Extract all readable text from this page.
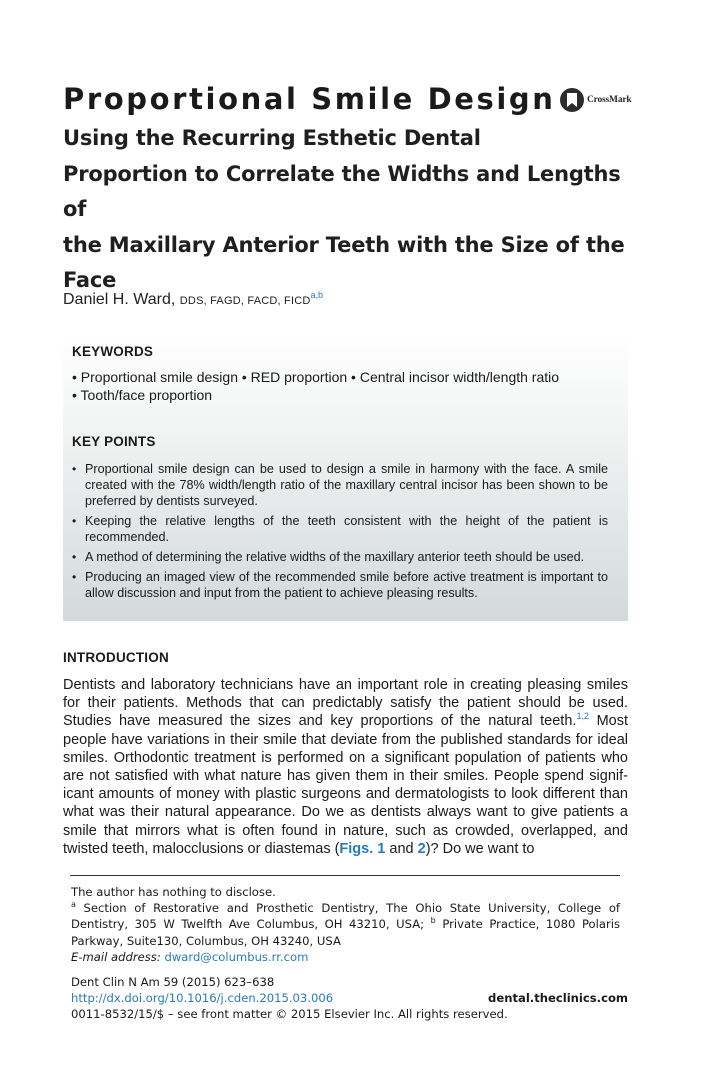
Proportional Smile Design	CrossMark
Using the Recurring Esthetic Dental
Proportion to Correlate the Widths and Lengths of
the Maxillary Anterior Teeth with the Size of the
Face
Daniel H. Ward, DDS, FAGD, FACD, FICD$^{a,b}$
KEYWORDS
• Proportional smile design • RED proportion • Central incisor width/length ratio
• Tooth/face proportion
KEY POINTS
• Proportional smile design can be used to design a smile in harmony with the face. A smile created with the 78% width/length ratio of the maxillary central incisor has been shown to be preferred by dentists surveyed.
• Keeping the relative lengths of the teeth consistent with the height of the patient is recommended.
• A method of determining the relative widths of the maxillary anterior teeth should be used.
• Producing an imaged view of the recommended smile before active treatment is important to allow discussion and input from the patient to achieve pleasing results.
INTRODUCTION
Dentists and laboratory technicians have an important role in creating pleasing smiles for their patients. Methods that can predictably satisfy the patient should be used. Studies have measured the sizes and key proportions of the natural teeth.$^{1,2}$ Most people have variations in their smile that deviate from the published standards for ideal smiles. Orthodontic treatment is performed on a significant population of patients who are not satisfied with what nature has given them in their smiles. People spend significant amounts of money with plastic surgeons and dermatologists to look different than what was their natural appearance. Do we as dentists always want to give patients a smile that mirrors what is often found in nature, such as crowded, overlapped, and twisted teeth, malocclusions or diastemas (Figs. 1 and 2)? Do we want to
The author has nothing to disclose.
$^a$ Section of Restorative and Prosthetic Dentistry, The Ohio State University, College of Dentistry, 305 W Twelfth Ave Columbus, OH 43210, USA; $^b$ Private Practice, 1080 Polaris Parkway, Suite130, Columbus, OH 43240, USA
E-mail address: dward@columbus.rr.com
Dent Clin N Am 59 (2015) 623–638
http://dx.doi.org/10.1016/j.cden.2015.03.006	dental.theclinics.com
0011-8532/15/$ – see front matter © 2015 Elsevier Inc. All rights reserved.
